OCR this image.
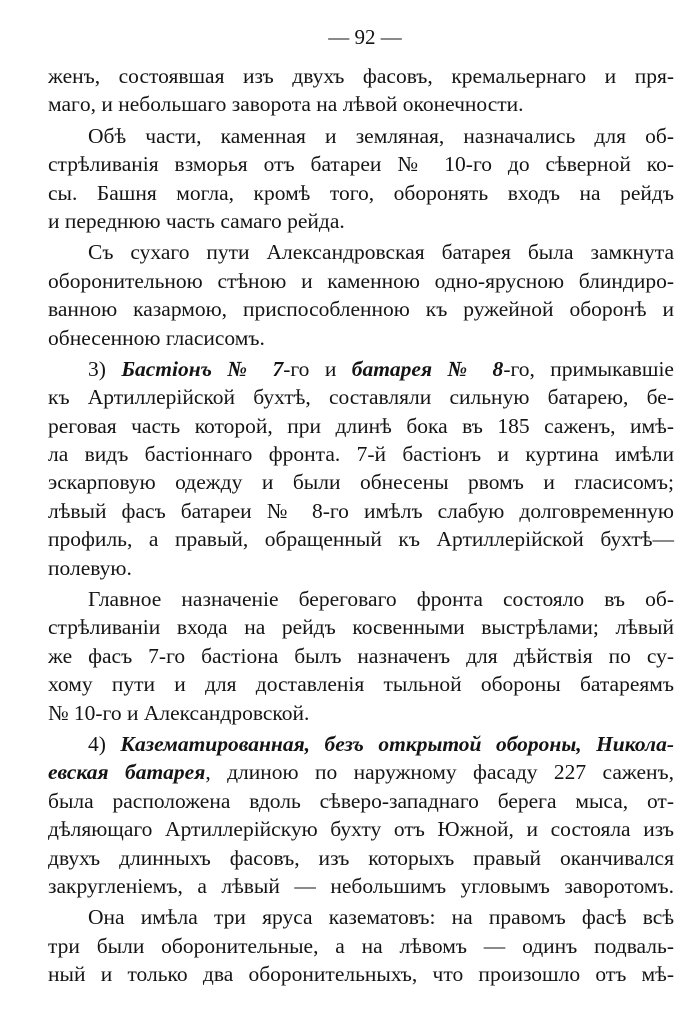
— 92 —
женъ, состоявшая изъ двухъ фасовъ, кремальернаго и пря-
магo, и небольшаго заворота на лѣвой оконечности.
Обѣ части, каменная и земляная, назначались для об-
стрѣливанія взморья отъ батареи № 10-го до сѣверной ко-
сы. Башня могла, кромѣ того, оборонять входъ на рейдъ
и переднюю часть самаго рейда.
Съ сухаго пути Александровская батарея была замкнута
оборонительною стѣною и каменною одно-ярусною блиндиро-
ванною казармою, приспособленною къ ружейной оборонѣ и
обнесенною гласисомъ.
3) Бастіонъ № 7-го и батарея № 8-го, примыкавшіе
къ Артиллерійской бухтѣ, составляли сильную батарею, бе-
реговая часть которой, при длинѣ бока въ 185 саженъ, имѣ-
ла видъ бастіоннаго фронта. 7-й бастіонъ и куртина имѣли
эскарповую одежду и были обнесены рвомъ и гласисомъ;
лѣвый фасъ батареи № 8-го имѣлъ слабую долговременную
профиль, а правый, обращенный къ Артиллерійской бухтѣ—
полевую.
Главное назначеніе береговаго фронта состояло въ об-
стрѣливаніи входа на рейдъ косвенными выстрѣлами; лѣвый
же фасъ 7-го бастіона былъ назначенъ для дѣйствія по су-
хому пути и для доставленія тыльной обороны батареямъ
№ 10-го и Александровской.
4) Казематированная, безъ открытой обороны, Никола-
евская батарея, длиною по наружному фасаду 227 саженъ,
была расположена вдоль сѣверо-западнаго берега мыса, от-
дѣляющаго Артиллерійскую бухту отъ Южной, и состояла изъ
двухъ длинныхъ фасовъ, изъ которыхъ правый оканчивался
закругленіемъ, а лѣвый — небольшимъ угловымъ заворотомъ.
Она имѣла три яруса казематовъ: на правомъ фасѣ всѣ
три были оборонительные, а на лѣвомъ — одинъ подваль-
ный и только два оборонительныхъ, что произошло отъ мѣ-
